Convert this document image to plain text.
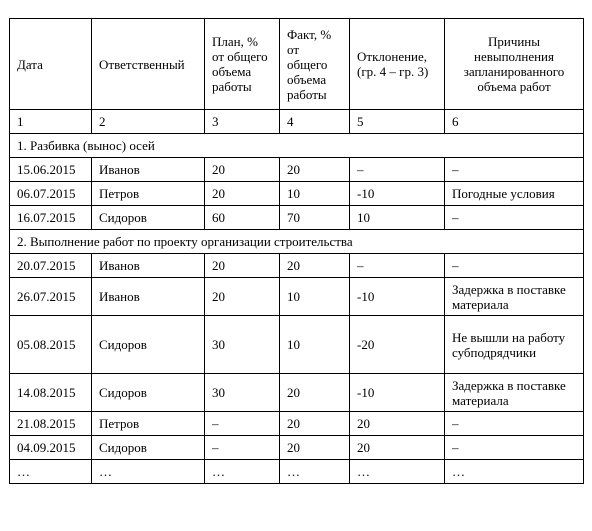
Дата	Ответственный	План, % от общего объема работы	Факт, % от общего объема работы	Отклонение, (гр. 4 – гр. 3)	Причины невыполнения запланированного объема работ
1	2	3	4	5	6
1. Разбивка (вынос) осей					
15.06.2015	Иванов	20	20	–	–
06.07.2015	Петров	20	10	-10	Погодные условия
16.07.2015	Сидоров	60	70	10	–
2. Выполнение работ по проекту организации строительства					
20.07.2015	Иванов	20	20	–	–
26.07.2015	Иванов	20	10	-10	Задержка в поставке материала
05.08.2015	Сидоров	30	10	-20	Не вышли на работу субподрядчики
14.08.2015	Сидоров	30	20	-10	Задержка в поставке материала
21.08.2015	Петров	–	20	20	–
04.09.2015	Сидоров	–	20	20	–
…	…	…	…	…	…
